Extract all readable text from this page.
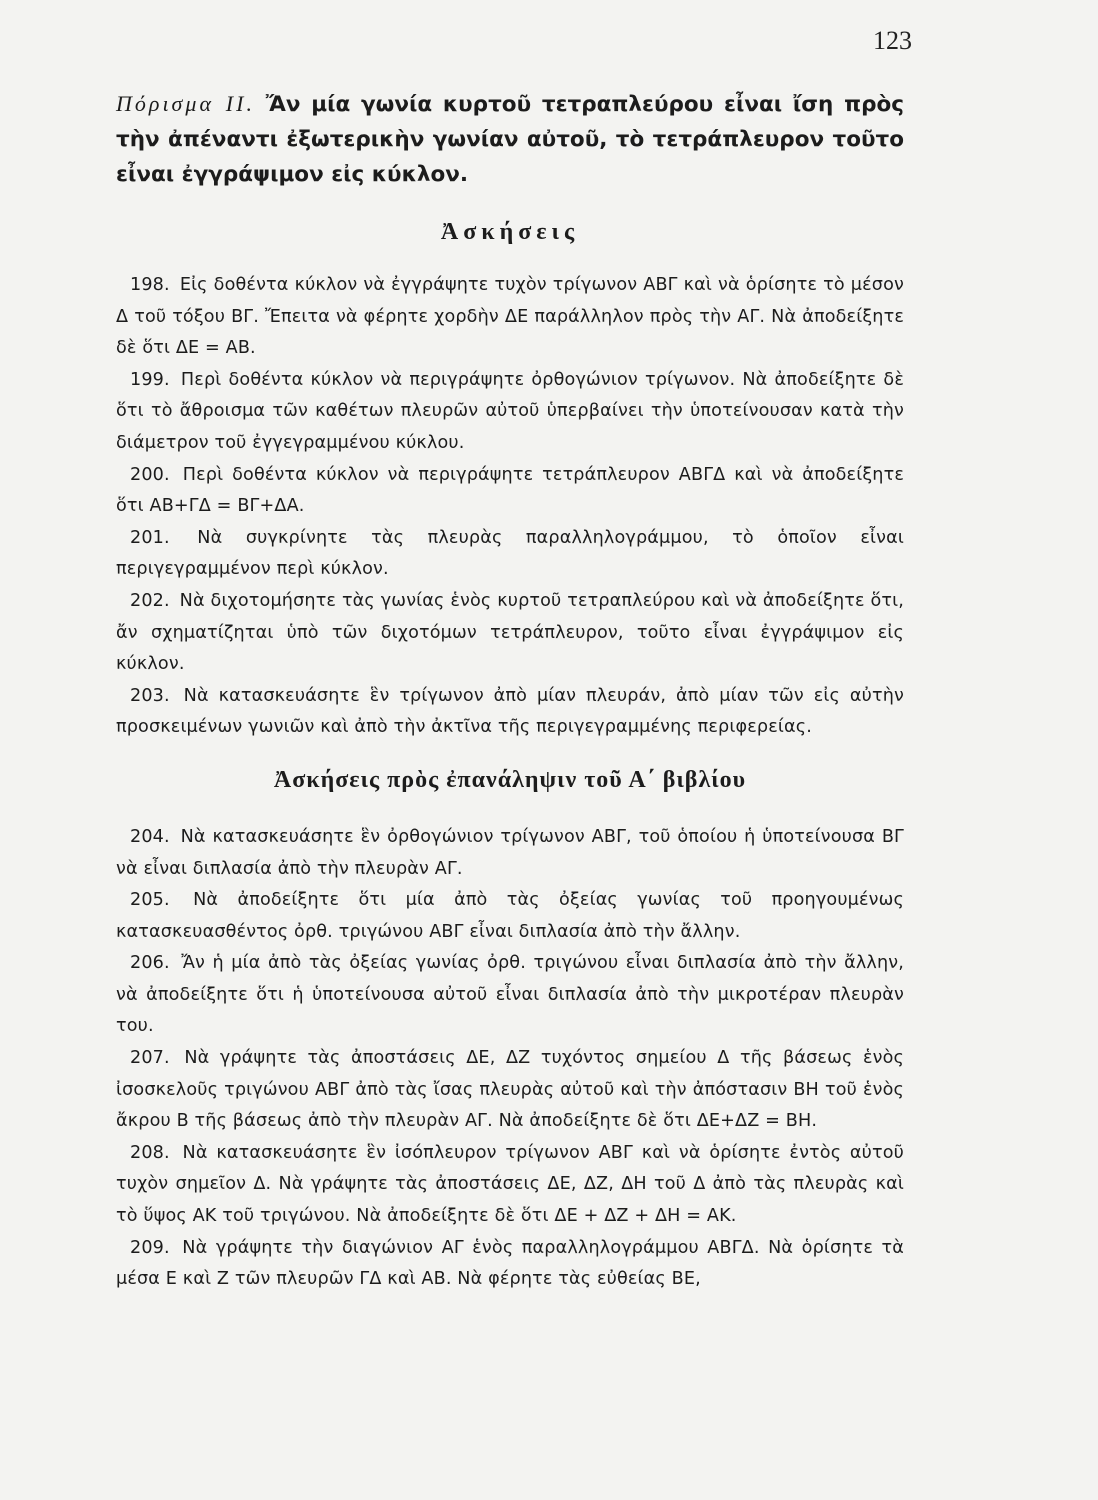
123

Πόρισμα ΙΙ. Ἄν μία γωνία κυρτοῦ τετραπλεύρου εἶναι ἴση πρὸς τὴν ἀπέναντι ἐξωτερικὴν γωνίαν αὐτοῦ, τὸ τετράπλευρον τοῦτο εἶναι ἐγγράψιμον εἰς κύκλον.

Ἀσκήσεις

198. Εἰς δοθέντα κύκλον νὰ ἐγγράψητε τυχὸν τρίγωνον ΑΒΓ καὶ νὰ ὁρίσητε τὸ μέσον Δ τοῦ τόξου ΒΓ. Ἔπειτα νὰ φέρητε χορδὴν ΔΕ παράλληλον πρὸς τὴν ΑΓ. Νὰ ἀποδείξητε δὲ ὅτι ΔΕ = ΑΒ.

199. Περὶ δοθέντα κύκλον νὰ περιγράψητε ὀρθογώνιον τρίγωνον. Νὰ ἀποδείξητε δὲ ὅτι τὸ ἄθροισμα τῶν καθέτων πλευρῶν αὐτοῦ ὑπερβαίνει τὴν ὑποτείνουσαν κατὰ τὴν διάμετρον τοῦ ἐγγεγραμμένου κύκλου.

200. Περὶ δοθέντα κύκλον νὰ περιγράψητε τετράπλευρον ΑΒΓΔ καὶ νὰ ἀποδείξητε ὅτι ΑΒ+ΓΔ = ΒΓ+ΔΑ.

201. Νὰ συγκρίνητε τὰς πλευρὰς παραλληλογράμμου, τὸ ὁποῖον εἶναι περιγεγραμμένον περὶ κύκλον.

202. Νὰ διχοτομήσητε τὰς γωνίας ἑνὸς κυρτοῦ τετραπλεύρου καὶ νὰ ἀποδείξητε ὅτι, ἄν σχηματίζηται ὑπὸ τῶν διχοτόμων τετράπλευρον, τοῦτο εἶναι ἐγγράψιμον εἰς κύκλον.

203. Νὰ κατασκευάσητε ἓν τρίγωνον ἀπὸ μίαν πλευράν, ἀπὸ μίαν τῶν εἰς αὐτὴν προσκειμένων γωνιῶν καὶ ἀπὸ τὴν ἀκτῖνα τῆς περιγεγραμμένης περιφερείας.

Ἀσκήσεις πρὸς ἐπανάληψιν τοῦ Α΄ βιβλίου

204. Νὰ κατασκευάσητε ἓν ὀρθογώνιον τρίγωνον ΑΒΓ, τοῦ ὁποίου ἡ ὑποτείνουσα ΒΓ νὰ εἶναι διπλασία ἀπὸ τὴν πλευρὰν ΑΓ.

205. Νὰ ἀποδείξητε ὅτι μία ἀπὸ τὰς ὀξείας γωνίας τοῦ προηγουμένως κατασκευασθέντος ὀρθ. τριγώνου ΑΒΓ εἶναι διπλασία ἀπὸ τὴν ἄλλην.

206. Ἄν ἡ μία ἀπὸ τὰς ὀξείας γωνίας ὀρθ. τριγώνου εἶναι διπλασία ἀπὸ τὴν ἄλλην, νὰ ἀποδείξητε ὅτι ἡ ὑποτείνουσα αὐτοῦ εἶναι διπλασία ἀπὸ τὴν μικροτέραν πλευρὰν του.

207. Νὰ γράψητε τὰς ἀποστάσεις ΔΕ, ΔΖ τυχόντος σημείου Δ τῆς βάσεως ἑνὸς ἰσοσκελοῦς τριγώνου ΑΒΓ ἀπὸ τὰς ἴσας πλευρὰς αὐτοῦ καὶ τὴν ἀπόστασιν ΒΗ τοῦ ἑνὸς ἄκρου Β τῆς βάσεως ἀπὸ τὴν πλευρὰν ΑΓ. Νὰ ἀποδείξητε δὲ ὅτι ΔΕ+ΔΖ = ΒΗ.

208. Νὰ κατασκευάσητε ἓν ἰσόπλευρον τρίγωνον ΑΒΓ καὶ νὰ ὁρίσητε ἐντὸς αὐτοῦ τυχὸν σημεῖον Δ. Νὰ γράψητε τὰς ἀποστάσεις ΔΕ, ΔΖ, ΔΗ τοῦ Δ ἀπὸ τὰς πλευρὰς καὶ τὸ ὕψος ΑΚ τοῦ τριγώνου. Νὰ ἀποδείξητε δὲ ὅτι ΔΕ + ΔΖ + ΔΗ = ΑΚ.

209. Νὰ γράψητε τὴν διαγώνιον ΑΓ ἑνὸς παραλληλογράμμου ΑΒΓΔ. Νὰ ὁρίσητε τὰ μέσα Ε καὶ Ζ τῶν πλευρῶν ΓΔ καὶ ΑΒ. Νὰ φέρητε τὰς εὐθείας ΒΕ,
